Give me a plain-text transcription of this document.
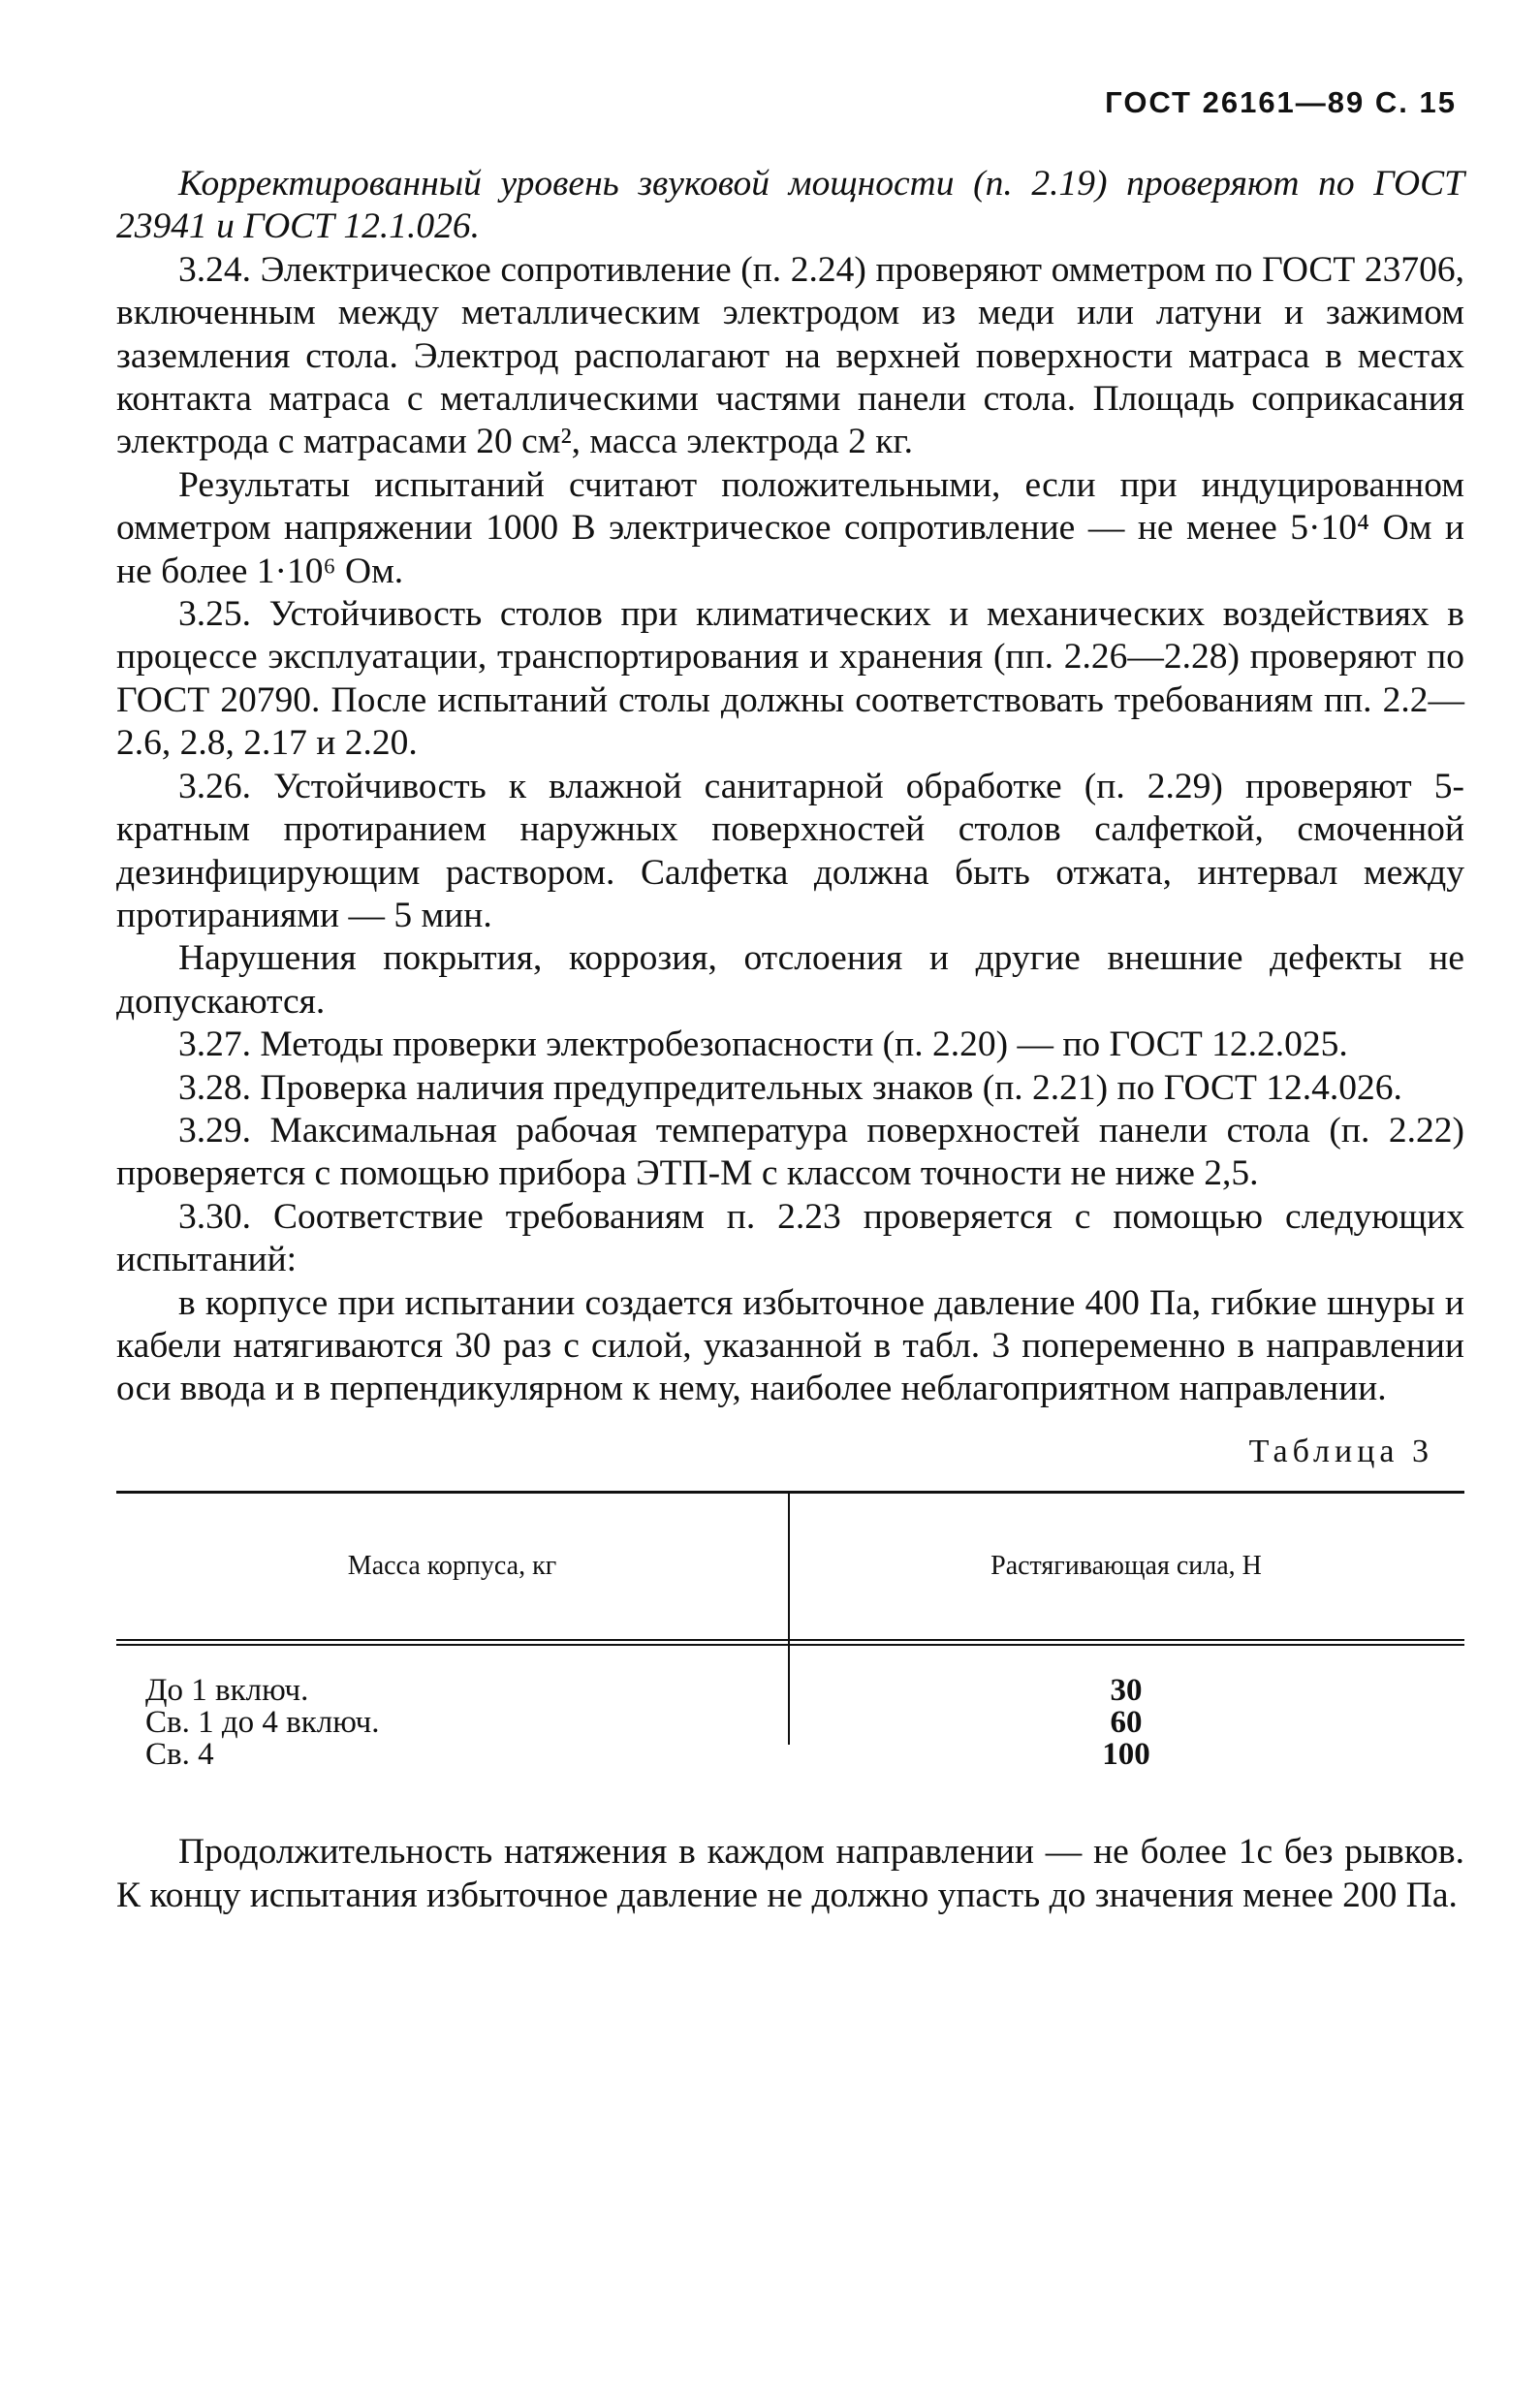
ГОСТ 26161—89 С. 15

Корректированный уровень звуковой мощности (п. 2.19) проверяют по ГОСТ 23941 и ГОСТ 12.1.026.

3.24. Электрическое сопротивление (п. 2.24) проверяют омметром по ГОСТ 23706, включенным между металлическим электродом из меди или латуни и зажимом заземления стола. Электрод располагают на верхней поверхности матраса в местах контакта матраса с металлическими частями панели стола. Площадь соприкасания электрода с матрасами 20 см², масса электрода 2 кг.

Результаты испытаний считают положительными, если при индуцированном омметром напряжении 1000 В электрическое сопротивление — не менее 5·10⁴ Ом и не более 1·10⁶ Ом.

3.25. Устойчивость столов при климатических и механических воздействиях в процессе эксплуатации, транспортирования и хранения (пп. 2.26—2.28) проверяют по ГОСТ 20790. После испытаний столы должны соответствовать требованиям пп. 2.2—2.6, 2.8, 2.17 и 2.20.

3.26. Устойчивость к влажной санитарной обработке (п. 2.29) проверяют 5-кратным протиранием наружных поверхностей столов салфеткой, смоченной дезинфицирующим раствором. Салфетка должна быть отжата, интервал между протираниями — 5 мин.

Нарушения покрытия, коррозия, отслоения и другие внешние дефекты не допускаются.

3.27. Методы проверки электробезопасности (п. 2.20) — по ГОСТ 12.2.025.

3.28. Проверка наличия предупредительных знаков (п. 2.21) по ГОСТ 12.4.026.

3.29. Максимальная рабочая температура поверхностей панели стола (п. 2.22) проверяется с помощью прибора ЭТП-М с классом точности не ниже 2,5.

3.30. Соответствие требованиям п. 2.23 проверяется с помощью следующих испытаний:

в корпусе при испытании создается избыточное давление 400 Па, гибкие шнуры и кабели натягиваются 30 раз с силой, указанной в табл. 3 попеременно в направлении оси ввода и в перпендикулярном к нему, наиболее неблагоприятном направлении.

Таблица 3
Масса корпуса, кг	Растягивающая сила, Н
До 1 включ.	30
Св. 1 до 4 включ.	60
Св. 4	100

Продолжительность натяжения в каждом направлении — не более 1с без рывков. К концу испытания избыточное давление не должно упасть до значения менее 200 Па.
